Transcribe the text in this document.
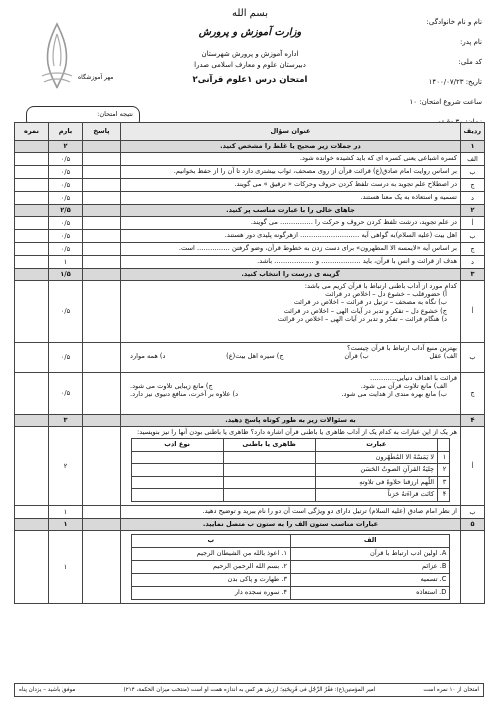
نام و نام خانوادگی:
نام پدر:
کد ملی:
تاریخ: ۱۴۰۰/۰۷/۲۳
ساعت شروع امتحان: ۱۰
بسم الله
وزارت آموزش و پرورش
اداره آموزش و پرورش شهرستان
دبیرستان علوم و معارف اسلامی صدرا
امتحان درس ۱علوم قرآنی۲
مهر آموزشگاه
نتیجه امتحان:
ردیف	عنوان سؤال	پاسخ	بارم	نمره
۱	در جملات زیر صحیح یا غلط را مشخص کنید.		۲	
الف	کسره اشباعی یعنی کسره ای که باید کشیده خوانده شود.		۰/۵	
ب	بر اساس روایت امام صادق(ع) قرائت قرآن از روی مصحف، ثواب بیشتری دارد تا آن را از حفظ بخوانیم.		۰/۵	
ج	در اصطلاح علم تجوید به درست تلفظ کردن حروف وحرکات « ترقیق » می گویند.		۰/۵	
د	تسمیه و استعاذه به یک معنا هستند.		۰/۵	
۲	جاهای خالی را با عبارت مناسب پر کنید.		۲/۵	
أ	در علم تجوید، درشت تلفظ کردن حروف و حرکت را …………… می گویند.		۰/۵	
ب	اهل بیت (علیه السلام)به گواهی آیه ……………………… ازهرگونه پلیدی دور هستند.		۰/۵	
ج	بر اساس آیه «لایمسه الا المطهرون» برای دست زدن به خطوط قرآن، وضو گرفتن …………… است.		۰/۵	
د	هدف از قرائت و انس با قرآن، باید ……………… و ……………… باشد.		۱	
۳	گزینه ی درست را انتخاب کنید.		۱/۵	
أ	
کدام مورد از آداب باطنی ارتباط با قرآن کریم می باشد:
أ) حضورقلب – خشوع دل – اخلاص در قرائت
ب) نگاه به مصحف – ترتیل در قرائت – اخلاص در قرائت
ج) خشوع دل – تفکر و تدبر در آیات الهی – اخلاص در قرائت
د) هنگام قرائت – تفکر و تدبر در آیات الهی – اخلاص در قرائت
		۰/۵	
ب	
بهترین منبع آداب ارتباط با قرآن چیست؟
الف) عقل
ب) قرآن
ج) سیره اهل بیت(ع)
د) همه موارد
		۰/۵	
ج	
قرائت با اهداف دنیایی…………
الف) مانع تلاوت قرآن می شود.
ج) مانع زیبایی تلاوت می شود.
ب) مانع بهره مندی از هدایت می شود.
د) علاوه بر آخرت، منافع دنیوی نیز دارد.
		۰/۵	
۴	به سئوالات زیر به طور کوتاه پاسخ دهید.		۳	
أ	
هر یک از این عبارات به کدام یک از آداب ظاهری یا باطنی قرآن اشاره دارد؟ ظاهری یا باطنی بودن آنها را نیز بنویسید:
	عبارت	ظاهری یا باطنی	نوع ادب
۱	لا یَمَسّهُ الا المُطَهّرون		
۲	حِلیَةُ القرآنِ الصوتُ الحَسَن		
۳	اللّهم ارزقنا حلاوهً فی تلاوتهِ		
۴	کانَت قراءَتهُ حَزناً		
		۲	
ب	از نظر امام صادق (علیه السلام) ترتیل دارای دو ویژگی است آن دو را نام ببرید و توضیح دهید.		۱	
۵	عبارات مناسب ستون الف را به ستون ب متصل نمایید.		۱	

الف	ب
A. اولین ادب ارتباط با قرآن	۱. اعوذ بالله من الشیطان الرجیم
B. عزائم	۲. بسم الله الرحمن الرحیم
C. تسمیه	۳. طهارت و پاکی بدن
D. استعاذه	۴. سوره سجده دار
		۱	
امتحان از ۱۰ نمره است
امیر المؤمنین(ع): فقْرُ الرِّجُلِ فی قَرِیحَتِهِ؛ ارزش هر کس به اندازه همت او است (منتخب میزان الحکمة، ۲۱۴)
موفق باشید – یزدان پناه
